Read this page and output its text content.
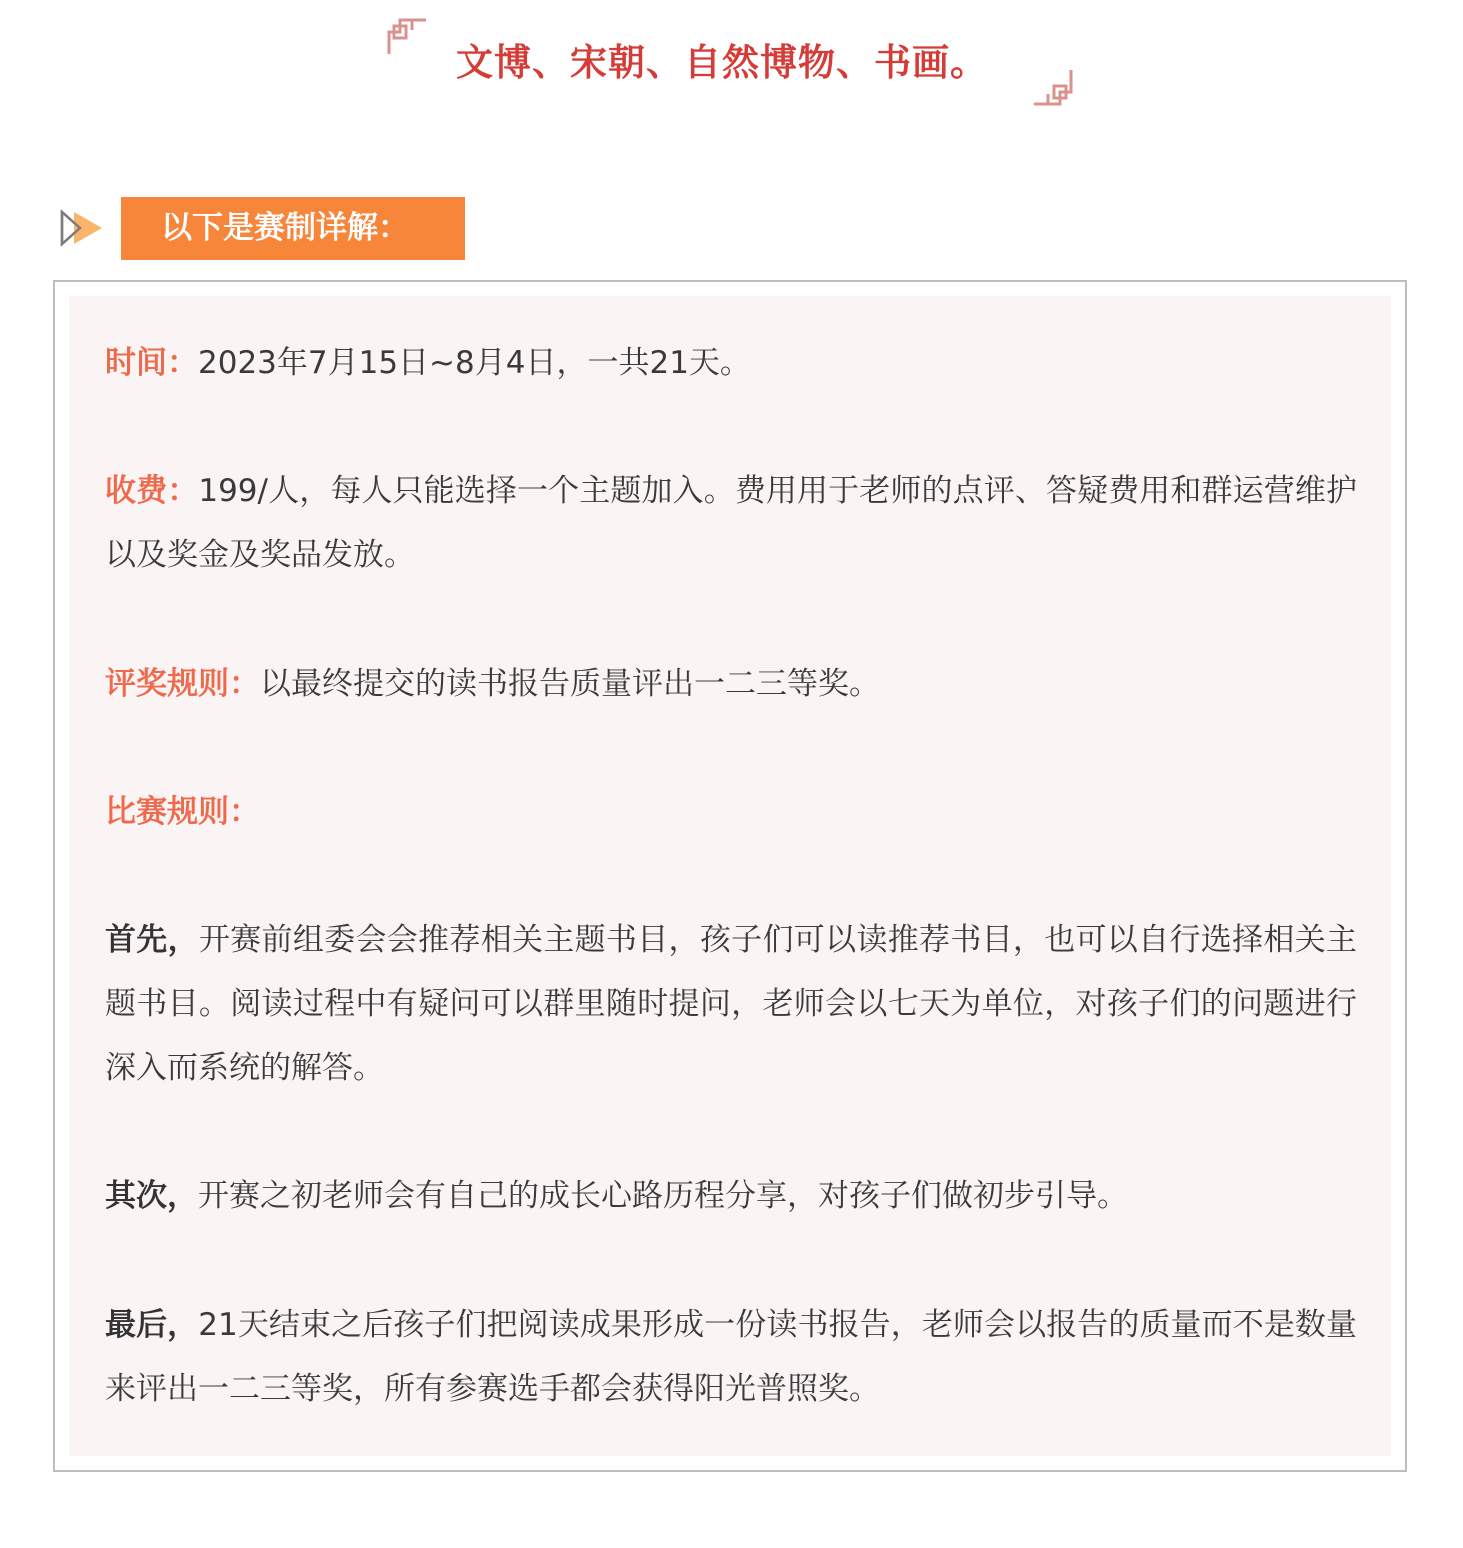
文博、宋朝、自然博物、书画。
以下是赛制详解：
时间：2023年7月15日~8月4日，一共21天。
收费：199/人，每人只能选择一个主题加入。费用用于老师的点评、答疑费用和群运营维护以及奖金及奖品发放。
评奖规则：以最终提交的读书报告质量评出一二三等奖。
比赛规则：
首先，开赛前组委会会推荐相关主题书目，孩子们可以读推荐书目，也可以自行选择相关主题书目。阅读过程中有疑问可以群里随时提问，老师会以七天为单位，对孩子们的问题进行深入而系统的解答。
其次，开赛之初老师会有自己的成长心路历程分享，对孩子们做初步引导。
最后，21天结束之后孩子们把阅读成果形成一份读书报告，老师会以报告的质量而不是数量来评出一二三等奖，所有参赛选手都会获得阳光普照奖。
